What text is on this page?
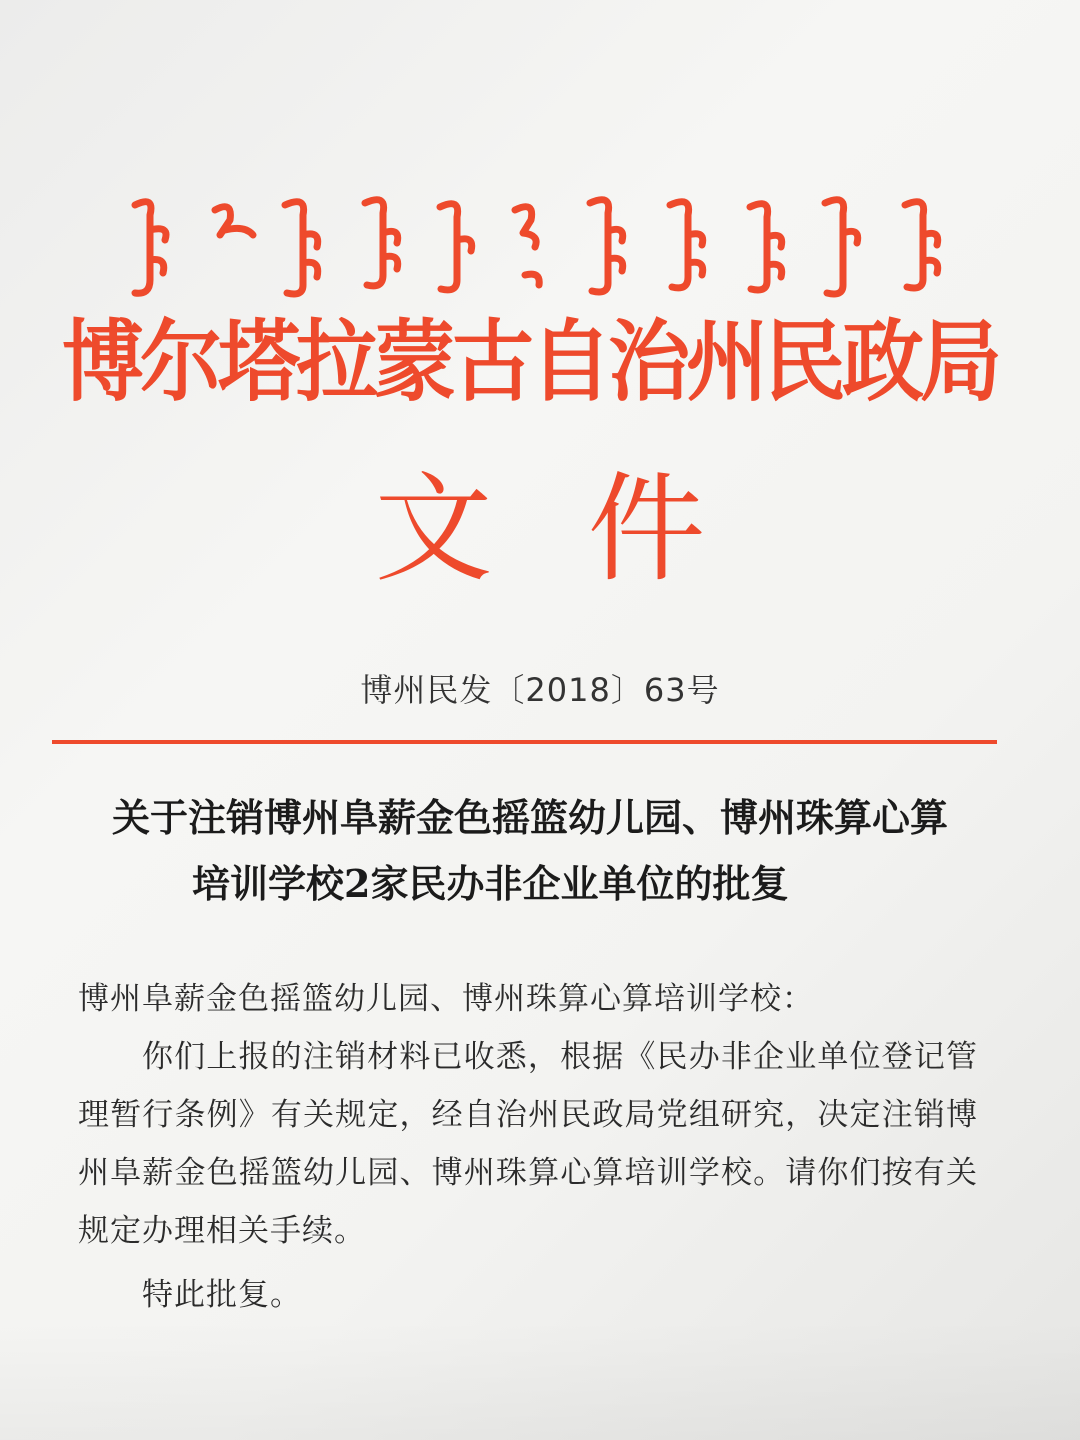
博尔塔拉蒙古自治州民政局
文件
博州民发〔2018〕63号
关于注销博州阜薪金色摇篮幼儿园、博州珠算心算
培训学校2家民办非企业单位的批复

博州阜薪金色摇篮幼儿园、博州珠算心算培训学校：

你们上报的注销材料已收悉，根据《民办非企业单位登记管理暂行条例》有关规定，经自治州民政局党组研究，决定注销博州阜薪金色摇篮幼儿园、博州珠算心算培训学校。请你们按有关规定办理相关手续。

特此批复。
